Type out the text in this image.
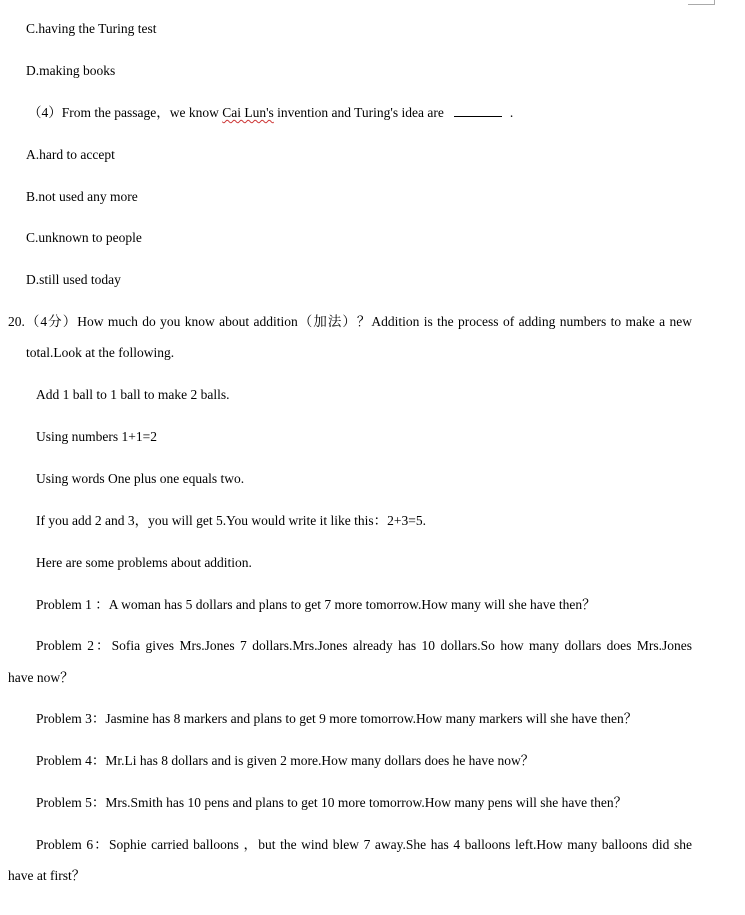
C.having the Turing test
D.making books
（4）From the passage，we know Cai Lun's invention and Turing's idea are	.
A.hard to accept
B.not used any more
C.unknown to people
D.still used today
20.（4分）How much do you know about addition（加法）？Addition is the process of adding numbers to make a new
total.Look at the following.
Add 1 ball to 1 ball to make 2 balls.
Using numbers 1+1=2
Using words One plus one equals two.
If you add 2 and 3，you will get 5.You would write it like this：2+3=5.
Here are some problems about addition.
Problem 1 ：A woman has 5 dollars and plans to get 7 more tomorrow.How many will she have then？
Problem 2：Sofia gives Mrs.Jones 7 dollars.Mrs.Jones already has 10 dollars.So how many dollars does Mrs.Jones
have now？
Problem 3：Jasmine has 8 markers and plans to get 9 more tomorrow.How many markers will she have then？
Problem 4：Mr.Li has 8 dollars and is given 2 more.How many dollars does he have now？
Problem 5：Mrs.Smith has 10 pens and plans to get 10 more tomorrow.How many pens will she have then？
Problem 6：Sophie carried balloons ，but the wind blew 7 away.She has 4 balloons left.How many balloons did she
have at first？
